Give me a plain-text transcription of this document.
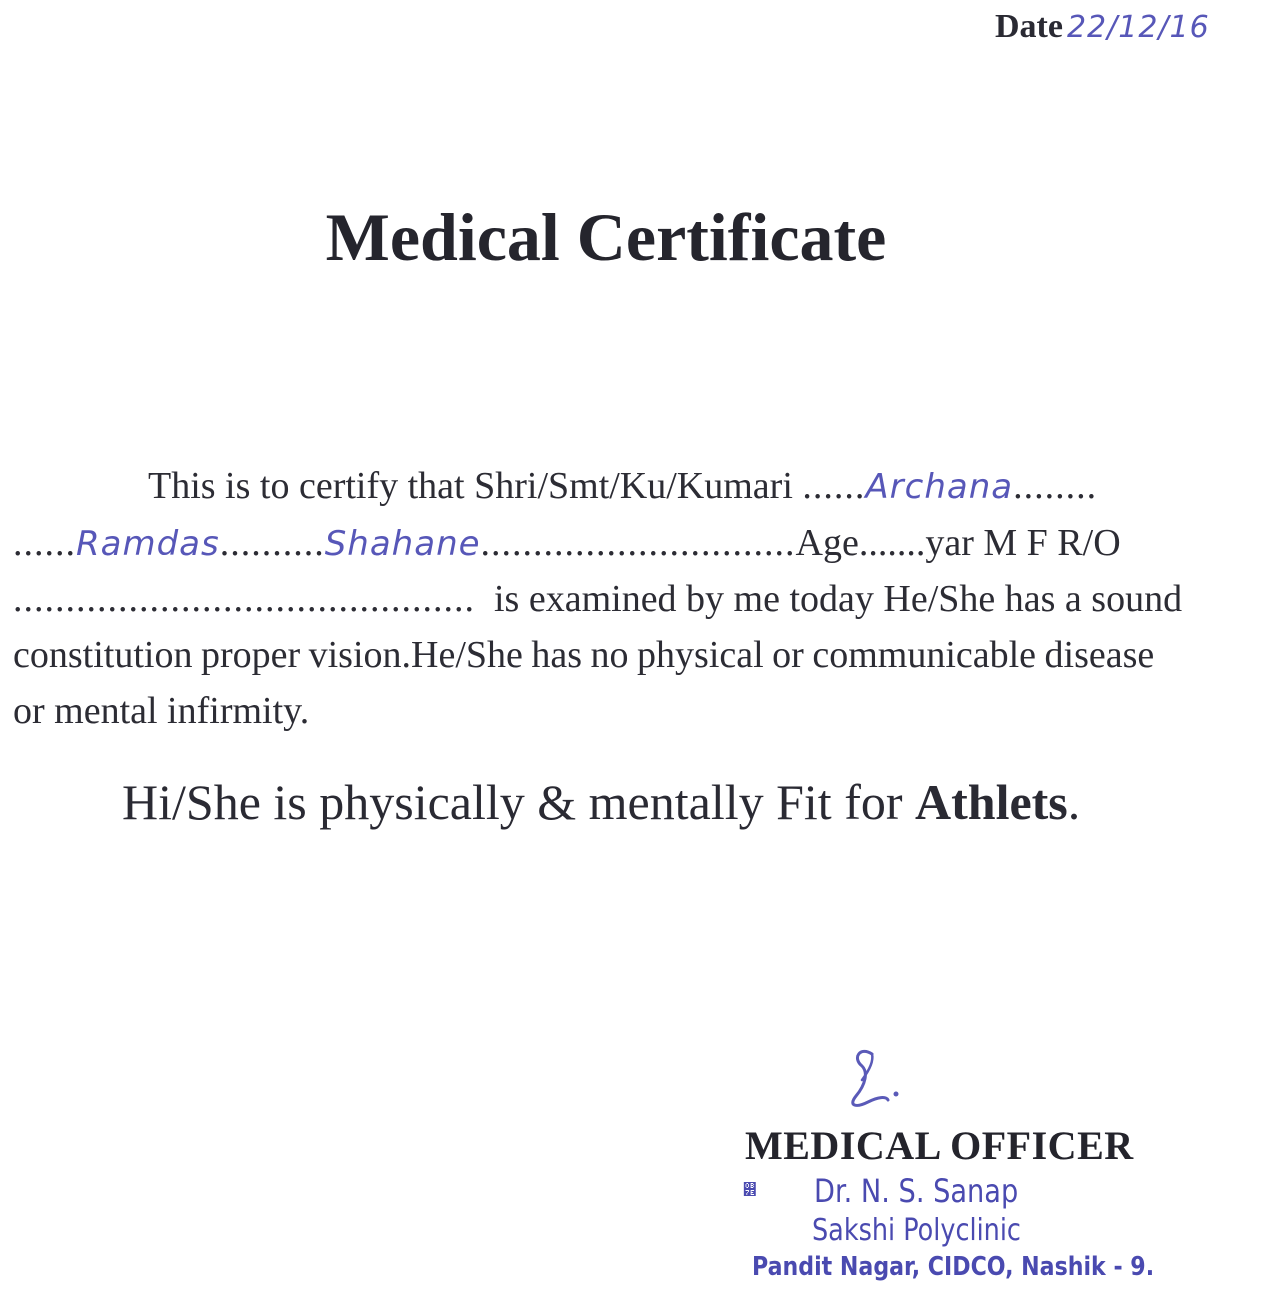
Date 22/12/16
Medical Certificate
This is to certify that Shri/Smt/Ku/Kumari ......Archana........
......Ramdas..........Shahane..............................Age.......yar M F R/O
............................................ is examined by me today He/She has a sound
constitution proper vision.He/She has no physical or communicable disease
or mental infirmity.
Hi/She is physically & mentally Fit for Athlets.
MEDICAL OFFICER
୾ Dr. N. S. Sanap
Sakshi Polyclinic
Pandit Nagar, CIDCO, Nashik - 9.
